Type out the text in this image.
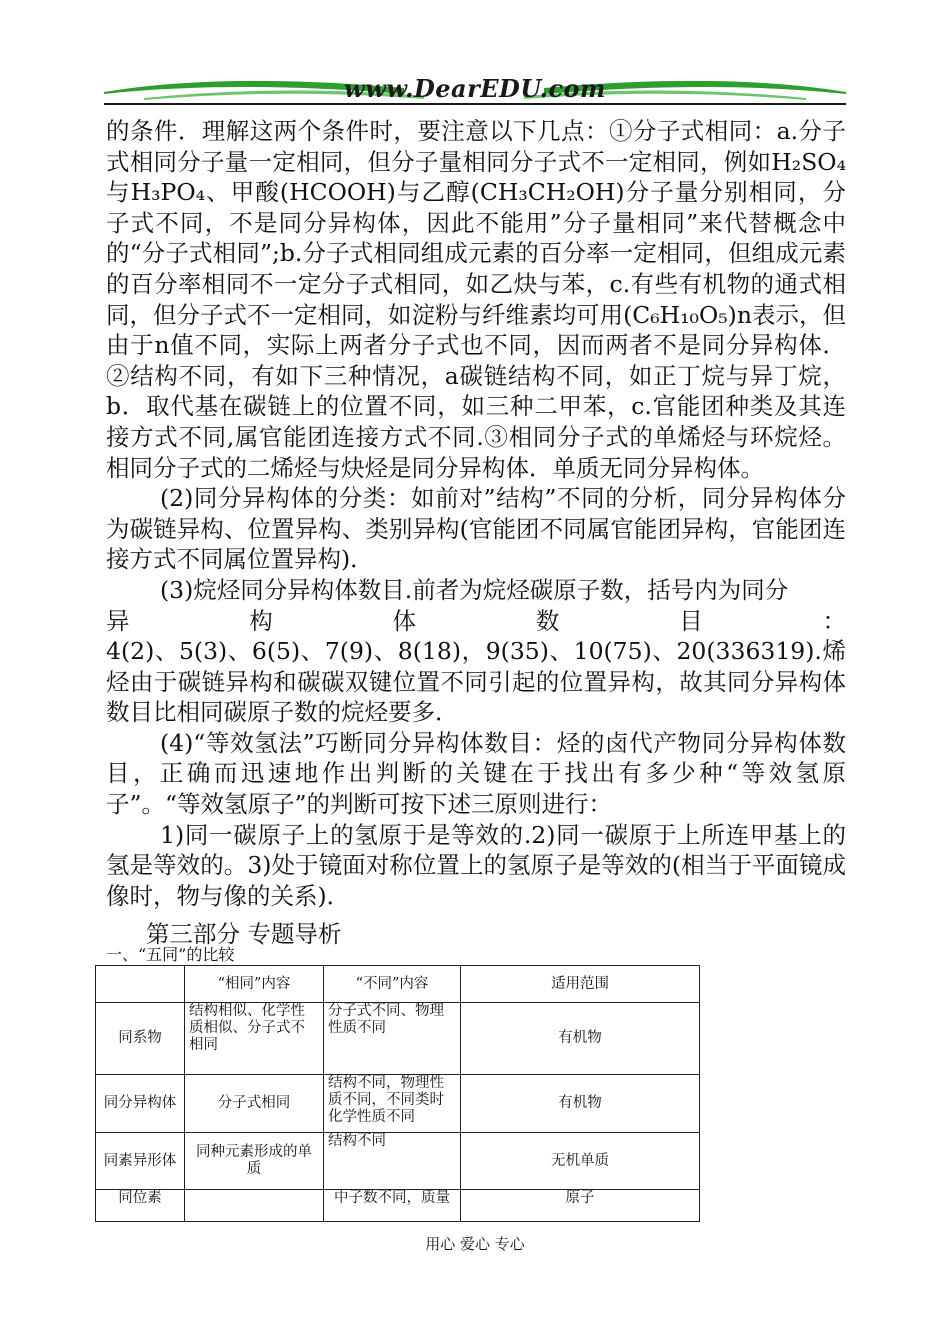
www.DearEDU.com

的条件．理解这两个条件时，要注意以下几点：①分子式相同：a.分子式相同分子量一定相同，但分子量相同分子式不一定相同，例如H₂SO₄与H₃PO₄、甲酸(HCOOH)与乙醇(CH₃CH₂OH)分子量分别相同，分子式不同，不是同分异构体，因此不能用”分子量相同”来代替概念中的“分子式相同”;b.分子式相同组成元素的百分率一定相同，但组成元素的百分率相同不一定分子式相同，如乙炔与苯，c.有些有机物的通式相同，但分子式不一定相同，如淀粉与纤维素均可用(C₆H₁₀O₅)n表示，但由于n值不同，实际上两者分子式也不同，因而两者不是同分异构体．②结构不同，有如下三种情况，a碳链结构不同，如正丁烷与异丁烷，b．取代基在碳链上的位置不同，如三种二甲苯，c.官能团种类及其连接方式不同,属官能团连接方式不同.③相同分子式的单烯烃与环烷烃。相同分子式的二烯烃与炔烃是同分异构体．单质无同分异构体。

(2)同分异构体的分类：如前对”结构”不同的分析，同分异构体分为碳链异构、位置异构、类别异构(官能团不同属官能团异构，官能团连接方式不同属位置异构)．

(3)烷烃同分异构体数目.前者为烷烃碳原子数，括号内为同分

异	构	体	数	目	：

4(2)、5(3)、6(5)、7(9)、8(18)，9(35)、10(75)、20(336319).烯烃由于碳链异构和碳碳双键位置不同引起的位置异构，故其同分异构体数目比相同碳原子数的烷烃要多．

(4)“等效氢法”巧断同分异构体数目：烃的卤代产物同分异构体数目，正确而迅速地作出判断的关键在于找出有多少种“等效氢原子”。“等效氢原子”的判断可按下述三原则进行：

1)同一碳原子上的氢原于是等效的.2)同一碳原于上所连甲基上的氢是等效的。3)处于镜面对称位置上的氢原子是等效的(相当于平面镜成像时，物与像的关系)．

第三部分 专题导析
一、“五同”的比较
	“相同”内容	“不同”内容	适用范围
同系物	结构相似、化学性质相似、分子式不相同	分子式不同、物理性质不同	有机物
同分异构体	分子式相同	结构不同，物理性质不同，不同类时化学性质不同	有机物
同素异形体	同种元素形成的单质	结构不同	无机单质
同位素		中子数不同，质量	原子
用心 爱心 专心
